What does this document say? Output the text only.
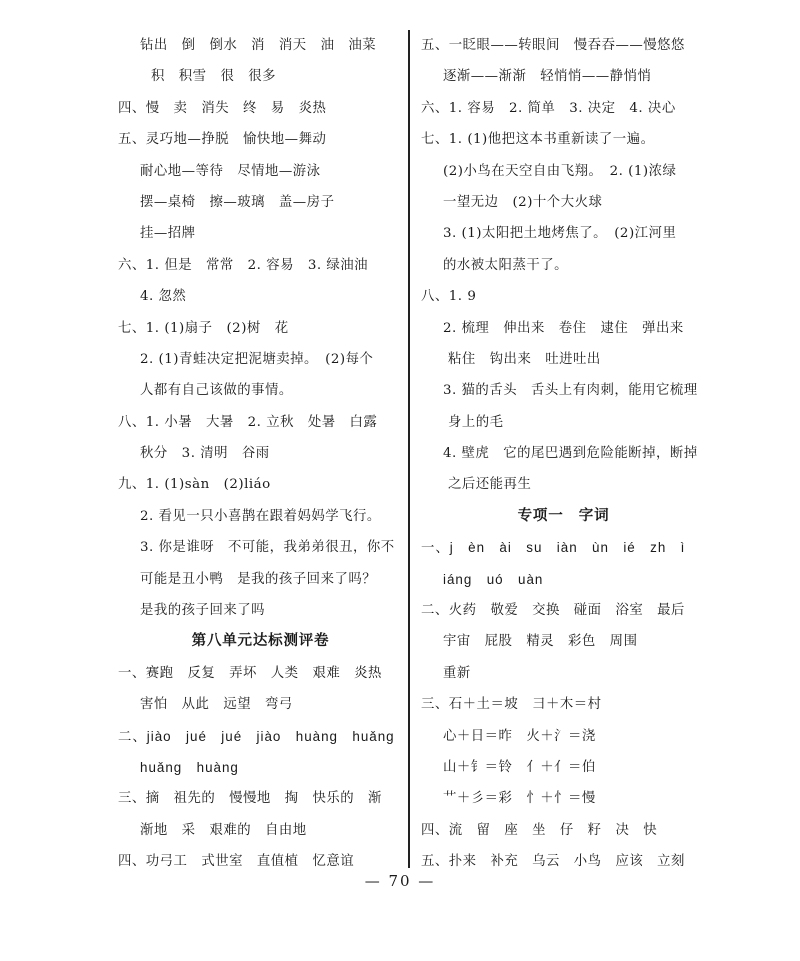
钻出　倒　倒水　消　消天　油　油菜
积　积雪　很　很多
四、慢　卖　消失　终　易　炎热
五、灵巧地—挣脱　愉快地—舞动
耐心地—等待　尽情地—游泳
摆—桌椅　擦—玻璃　盖—房子
挂—招牌
六、1. 但是　常常　2. 容易　3. 绿油油
4. 忽然
七、1. (1)扇子　(2)树　花
2. (1)青蛙决定把泥塘卖掉。　(2)每个
人都有自己该做的事情。
八、1. 小暑　大暑　2. 立秋　处暑　白露
秋分　3. 清明　谷雨
九、1. (1)sàn　(2)liáo
2. 看见一只小喜鹊在跟着妈妈学飞行。
3. 你是谁呀　不可能，我弟弟很丑，你不
可能是丑小鸭　是我的孩子回来了吗？
是我的孩子回来了吗
第八单元达标测评卷
一、赛跑　反复　弄坏　人类　艰难　炎热
害怕　从此　远望　弯弓
二、jiào　jué　jué　jiào　huàng　huǎng
huǎng　huàng
三、摘　祖先的　慢慢地　掏　快乐的　渐
渐地　采　艰难的　自由地
四、功弓工　式世室　直值植　忆意谊
五、一眨眼——转眼间　慢吞吞——慢悠悠
逐渐——渐渐　轻悄悄——静悄悄
六、1. 容易　2. 简单　3. 决定　4. 决心
七、1. (1)他把这本书重新读了一遍。
(2)小鸟在天空自由飞翔。　2. (1)浓绿
一望无边　(2)十个大火球
3. (1)太阳把土地烤焦了。　(2)江河里
的水被太阳蒸干了。
八、1. 9
2. 梳理　伸出来　卷住　逮住　弹出来
粘住　钩出来　吐进吐出
3. 猫的舌头　舌头上有肉刺，能用它梳理
身上的毛
4. 壁虎　它的尾巴遇到危险能断掉，断掉
之后还能再生
专项一　字词
一、j　èn　ài　su　iàn　ùn　ié　zh　ì
iáng　uó　uàn
二、火药　敬爱　交换　碰面　浴室　最后
宇宙　屁股　精灵　彩色　周围
重新
三、石＋土＝坡　彐＋木＝村
心＋日＝昨　火＋氵＝浇
山＋钅＝铃　亻＋亻＝伯
艹＋彡＝彩　忄＋忄＝慢
四、流　留　座　坐　仔　籽　决　快
五、扑来　补充　乌云　小鸟　应该　立刻
— 70 —
